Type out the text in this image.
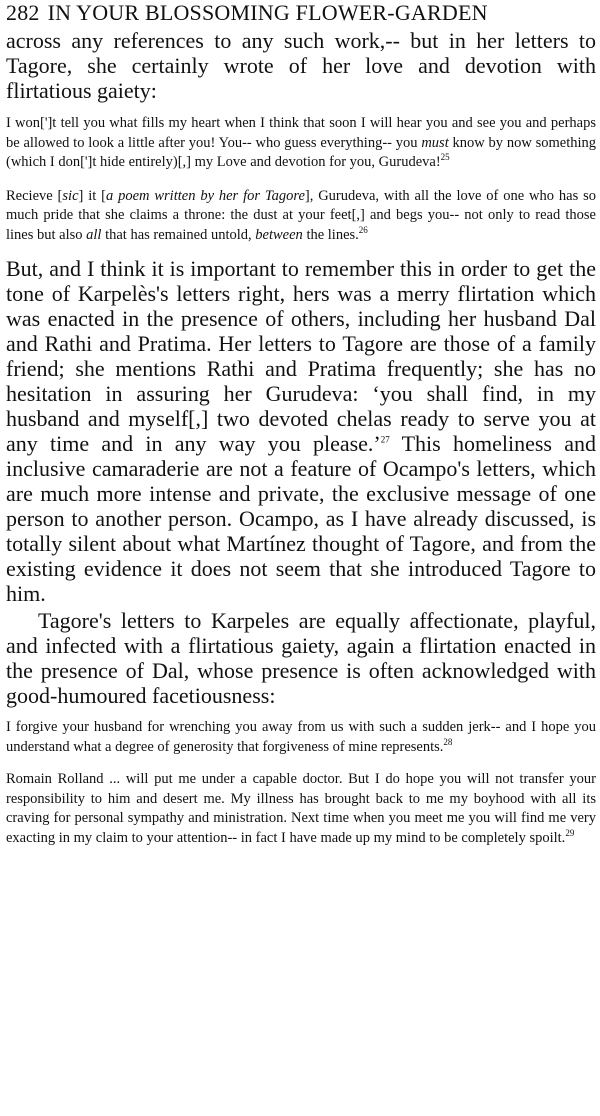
282 IN YOUR BLOSSOMING FLOWER-GARDEN

across any references to any such work,-- but in her letters to Tagore, she certainly wrote of her love and devotion with flirtatious gaiety:

I won[']t tell you what fills my heart when I think that soon I will hear you and see you and perhaps be allowed to look a little after you! You-- who guess everything-- you must know by now something (which I don[']t hide entirely)[,] my Love and devotion for you, Gurudeva!$^{25}$

Recieve [sic] it [a poem written by her for Tagore], Gurudeva, with all the love of one who has so much pride that she claims a throne: the dust at your feet[,] and begs you-- not only to read those lines but also all that has remained untold, between the lines.$^{26}$

But, and I think it is important to remember this in order to get the tone of Karpelès's letters right, hers was a merry flirtation which was enacted in the presence of others, including her husband Dal and Rathi and Pratima. Her letters to Tagore are those of a family friend; she mentions Rathi and Pratima frequently; she has no hesitation in assuring her Gurudeva: ‘you shall find, in my husband and myself[,] two devoted chelas ready to serve you at any time and in any way you please.’$^{27}$ This homeliness and inclusive camaraderie are not a feature of Ocampo's letters, which are much more intense and private, the exclusive message of one person to another person. Ocampo, as I have already discussed, is totally silent about what Martínez thought of Tagore, and from the existing evidence it does not seem that she introduced Tagore to him.

Tagore's letters to Karpeles are equally affectionate, playful, and infected with a flirtatious gaiety, again a flirtation enacted in the presence of Dal, whose presence is often acknowledged with good-humoured facetiousness:

I forgive your husband for wrenching you away from us with such a sudden jerk-- and I hope you understand what a degree of generosity that forgiveness of mine represents.$^{28}$

Romain Rolland ... will put me under a capable doctor. But I do hope you will not transfer your responsibility to him and desert me. My illness has brought back to me my boyhood with all its craving for personal sympathy and ministration. Next time when you meet me you will find me very exacting in my claim to your attention-- in fact I have made up my mind to be completely spoilt.$^{29}$
